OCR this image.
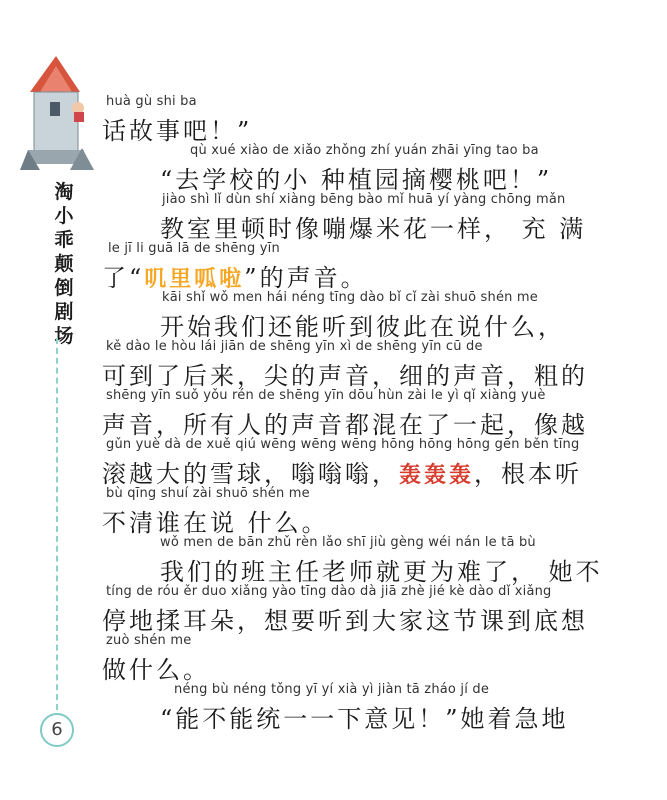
淘
小
乖
颠
倒
剧
场
6
huà gù shi ba
话故事吧！”
qù xué xiào de xiǎo zhǒng zhí yuán zhāi yīng tao ba
“去学校的小 种植园摘樱桃吧！”
jiào shì lǐ dùn shí xiàng bēng bào mǐ huā yí yàng chōng mǎn
教室里顿时像嘣爆米花一样， 充 满
le jī li guā lā de shēng yīn
了“叽里呱啦”的声音。
kāi shǐ wǒ men hái néng tīng dào bǐ cǐ zài shuō shén me
开始我们还能听到彼此在说什么，
kě dào le hòu lái jiān de shēng yīn xì de shēng yīn cū de
可到了后来，尖的声音，细的声音，粗的
shēng yīn suǒ yǒu rén de shēng yīn dōu hùn zài le yì qǐ xiàng yuè
声音，所有人的声音都混在了一起，像越
gǔn yuè dà de xuě qiú wēng wēng wēng hōng hōng hōng gēn běn tīng
滚越大的雪球，嗡嗡嗡，轰轰轰，根本听
bù qīng shuí zài shuō shén me
不清谁在说 什么。
wǒ men de bān zhǔ rèn lǎo shī jiù gèng wéi nán le tā bù
我们的班主任老师就更为难了， 她不
tíng de róu ěr duo xiǎng yào tīng dào dà jiā zhè jié kè dào dǐ xiǎng
停地揉耳朵，想要听到大家这节课到底想
zuò shén me
做什么。
néng bù néng tǒng yī yí xià yì jiàn tā zháo jí de
“能不能统一一下意见！”她着急地
